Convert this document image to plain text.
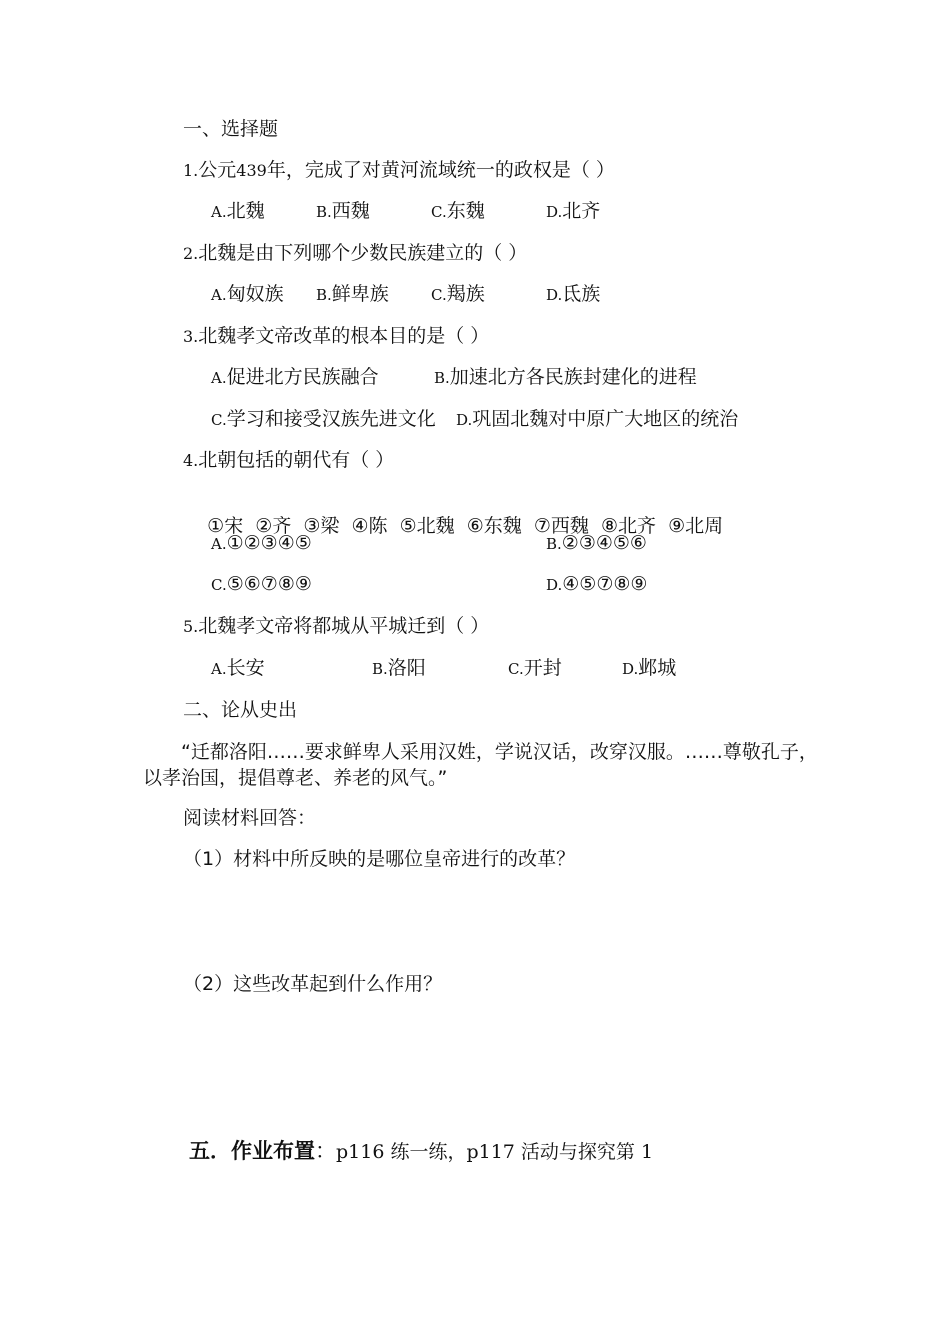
一、选择题
1.公元439年，完成了对黄河流域统一的政权是（ ）
A.北魏	B.西魏	C.东魏	D.北齐
2.北魏是由下列哪个少数民族建立的（ ）
A.匈奴族 B.鲜卑族	C.羯族	D.氐族
3.北魏孝文帝改革的根本目的是（ ）
A.促进北方民族融合	B.加速北方各民族封建化的进程
C.学习和接受汉族先进文化 D.巩固北魏对中原广大地区的统治
4.北朝包括的朝代有（ ）

①宋  ②齐  ③梁  ④陈  ⑤北魏  ⑥东魏  ⑦西魏  ⑧北齐  ⑨北周

A.①②③④⑤	B.②③④⑤⑥
C.⑤⑥⑦⑧⑨	D.④⑤⑦⑧⑨
5.北魏孝文帝将都城从平城迁到（ ）
A.长安	B.洛阳	C.开封	D.邺城
二、论从史出
“迁都洛阳……要求鲜卑人采用汉姓，学说汉话，改穿汉服。……尊敬孔子，以孝治国，提倡尊老、养老的风气。”
阅读材料回答：
（1）材料中所反映的是哪位皇帝进行的改革？
（2）这些改革起到什么作用？
五．作业布置：p116 练一练，p117 活动与探究第 1
